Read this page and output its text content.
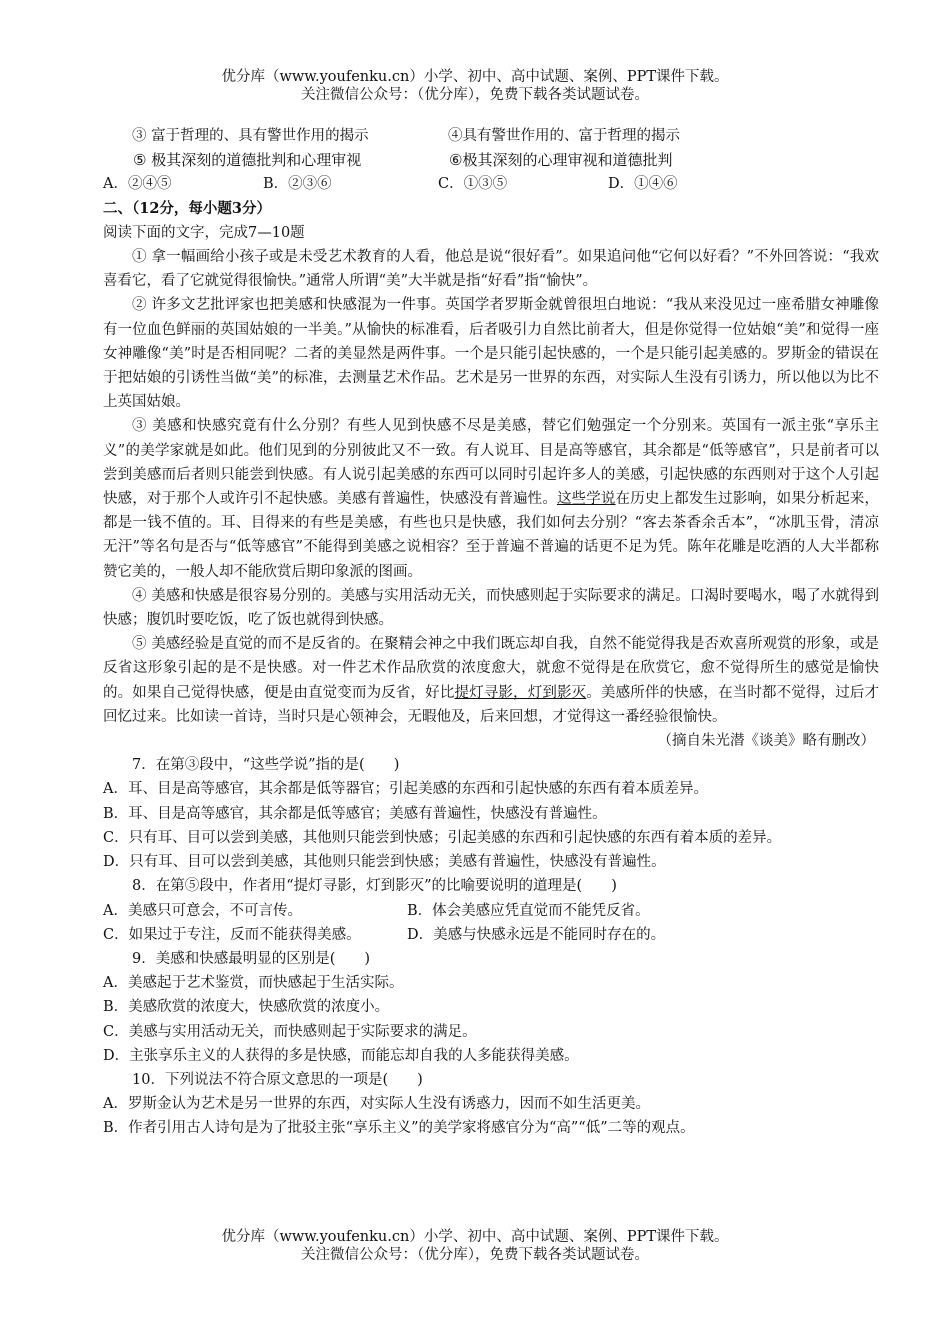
优分库（www.youfenku.cn）小学、初中、高中试题、案例、PPT课件下载。
关注微信公众号：（优分库），免费下载各类试题试卷。
③ 富于哲理的、具有警世作用的揭示	④具有警世作用的、富于哲理的揭示
⑤ 极其深刻的道德批判和心理审视	⑥极其深刻的心理审视和道德批判
A．②④⑤	B．②③⑥	C．①③⑤	D．①④⑥
二、（12分，每小题3分）
阅读下面的文字，完成7—10题
① 拿一幅画给小孩子或是未受艺术教育的人看，他总是说“很好看”。如果追问他“它何以好看？”不外回答说：“我欢喜看它，看了它就觉得很愉快。”通常人所谓“美”大半就是指“好看”指“愉快”。
② 许多文艺批评家也把美感和快感混为一件事。英国学者罗斯金就曾很坦白地说：“我从来没见过一座希腊女神雕像有一位血色鲜丽的英国姑娘的一半美。”从愉快的标准看，后者吸引力自然比前者大，但是你觉得一位姑娘“美”和觉得一座女神雕像“美”时是否相同呢？二者的美显然是两件事。一个是只能引起快感的，一个是只能引起美感的。罗斯金的错误在于把姑娘的引诱性当做“美”的标准，去测量艺术作品。艺术是另一世界的东西，对实际人生没有引诱力，所以他以为比不上英国姑娘。
③ 美感和快感究竟有什么分别？有些人见到快感不尽是美感，替它们勉强定一个分别来。英国有一派主张“享乐主义”的美学家就是如此。他们见到的分别彼此又不一致。有人说耳、目是高等感官，其余都是“低等感官”，只是前者可以尝到美感而后者则只能尝到快感。有人说引起美感的东西可以同时引起许多人的美感，引起快感的东西则对于这个人引起快感，对于那个人或许引不起快感。美感有普遍性，快感没有普遍性。这些学说在历史上都发生过影响，如果分析起来，都是一钱不值的。耳、目得来的有些是美感，有些也只是快感，我们如何去分别？“客去茶香余舌本”，“冰肌玉骨，清凉无汗”等名句是否与“低等感官”不能得到美感之说相容？至于普遍不普遍的话更不足为凭。陈年花雕是吃酒的人大半都称赞它美的，一般人却不能欣赏后期印象派的图画。
④ 美感和快感是很容易分别的。美感与实用活动无关，而快感则起于实际要求的满足。口渴时要喝水，喝了水就得到快感；腹饥时要吃饭，吃了饭也就得到快感。
⑤ 美感经验是直觉的而不是反省的。在聚精会神之中我们既忘却自我，自然不能觉得我是否欢喜所观赏的形象，或是反省这形象引起的是不是快感。对一件艺术作品欣赏的浓度愈大，就愈不觉得是在欣赏它，愈不觉得所生的感觉是愉快的。如果自己觉得快感，便是由直觉变而为反省，好比提灯寻影，灯到影灭。美感所伴的快感，在当时都不觉得，过后才回忆过来。比如读一首诗，当时只是心领神会，无暇他及，后来回想，才觉得这一番经验很愉快。
（摘自朱光潜《谈美》略有删改）
7．在第③段中，“这些学说”指的是(　　)
A．耳、目是高等感官，其余都是低等器官；引起美感的东西和引起快感的东西有着本质差异。
B．耳、目是高等感官，其余都是低等感官；美感有普遍性，快感没有普遍性。
C．只有耳、目可以尝到美感，其他则只能尝到快感；引起美感的东西和引起快感的东西有着本质的差异。
D．只有耳、目可以尝到美感，其他则只能尝到快感；美感有普遍性，快感没有普遍性。
8．在第⑤段中，作者用“提灯寻影，灯到影灭”的比喻要说明的道理是(　　)
A．美感只可意会，不可言传。	B．体会美感应凭直觉而不能凭反省。
C．如果过于专注，反而不能获得美感。	D．美感与快感永远是不能同时存在的。
9．美感和快感最明显的区别是(　　)
A．美感起于艺术鉴赏，而快感起于生活实际。
B．美感欣赏的浓度大，快感欣赏的浓度小。
C．美感与实用活动无关，而快感则起于实际要求的满足。
D．主张享乐主义的人获得的多是快感，而能忘却自我的人多能获得美感。
10．下列说法不符合原文意思的一项是(　　)
A．罗斯金认为艺术是另一世界的东西，对实际人生没有诱惑力，因而不如生活更美。
B．作者引用古人诗句是为了批驳主张“享乐主义”的美学家将感官分为“高”“低”二等的观点。
优分库（www.youfenku.cn）小学、初中、高中试题、案例、PPT课件下载。
关注微信公众号：（优分库），免费下载各类试题试卷。
